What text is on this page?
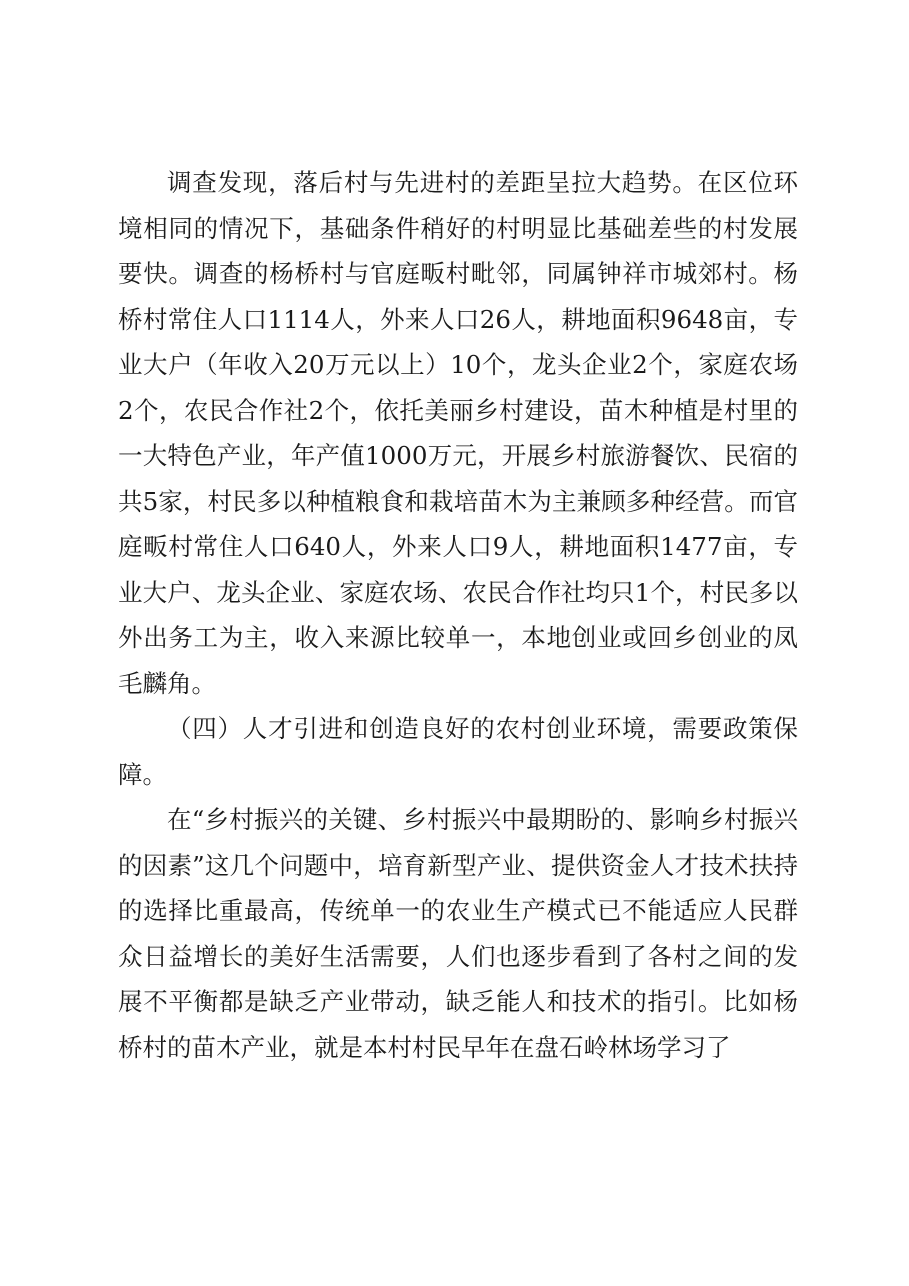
调查发现，落后村与先进村的差距呈拉大趋势。在区位环境相同的情况下，基础条件稍好的村明显比基础差些的村发展要快。调查的杨桥村与官庭畈村毗邻，同属钟祥市城郊村。杨桥村常住人口1114人，外来人口26人，耕地面积9648亩，专业大户（年收入20万元以上）10个，龙头企业2个，家庭农场2个，农民合作社2个，依托美丽乡村建设，苗木种植是村里的一大特色产业，年产值1000万元，开展乡村旅游餐饮、民宿的共5家，村民多以种植粮食和栽培苗木为主兼顾多种经营。而官庭畈村常住人口640人，外来人口9人，耕地面积1477亩，专业大户、龙头企业、家庭农场、农民合作社均只1个，村民多以外出务工为主，收入来源比较单一，本地创业或回乡创业的凤毛麟角。

（四）人才引进和创造良好的农村创业环境，需要政策保障。

在“乡村振兴的关键、乡村振兴中最期盼的、影响乡村振兴的因素”这几个问题中，培育新型产业、提供资金人才技术扶持的选择比重最高，传统单一的农业生产模式已不能适应人民群众日益增长的美好生活需要，人们也逐步看到了各村之间的发展不平衡都是缺乏产业带动，缺乏能人和技术的指引。比如杨桥村的苗木产业，就是本村村民早年在盘石岭林场学习了
